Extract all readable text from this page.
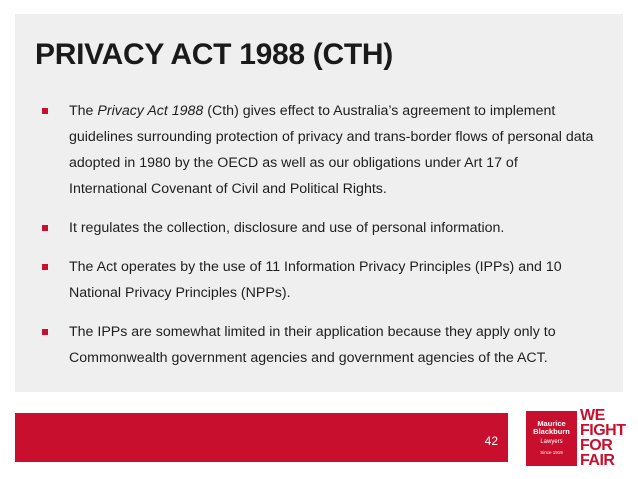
PRIVACY ACT 1988 (CTH)
The Privacy Act 1988 (Cth) gives effect to Australia’s agreement to implement guidelines surrounding protection of privacy and trans-border flows of personal data adopted in 1980 by the OECD as well as our obligations under Art 17 of International Covenant of Civil and Political Rights.
It regulates the collection, disclosure and use of personal information.
The Act operates by the use of 11 Information Privacy Principles (IPPs) and 10 National Privacy Principles (NPPs).
The IPPs are somewhat limited in their application because they apply only to Commonwealth government agencies and government agencies of the ACT.
42
Maurice
Blackburn
Lawyers
Since 1919
WE
FIGHT
FOR
FAIR
